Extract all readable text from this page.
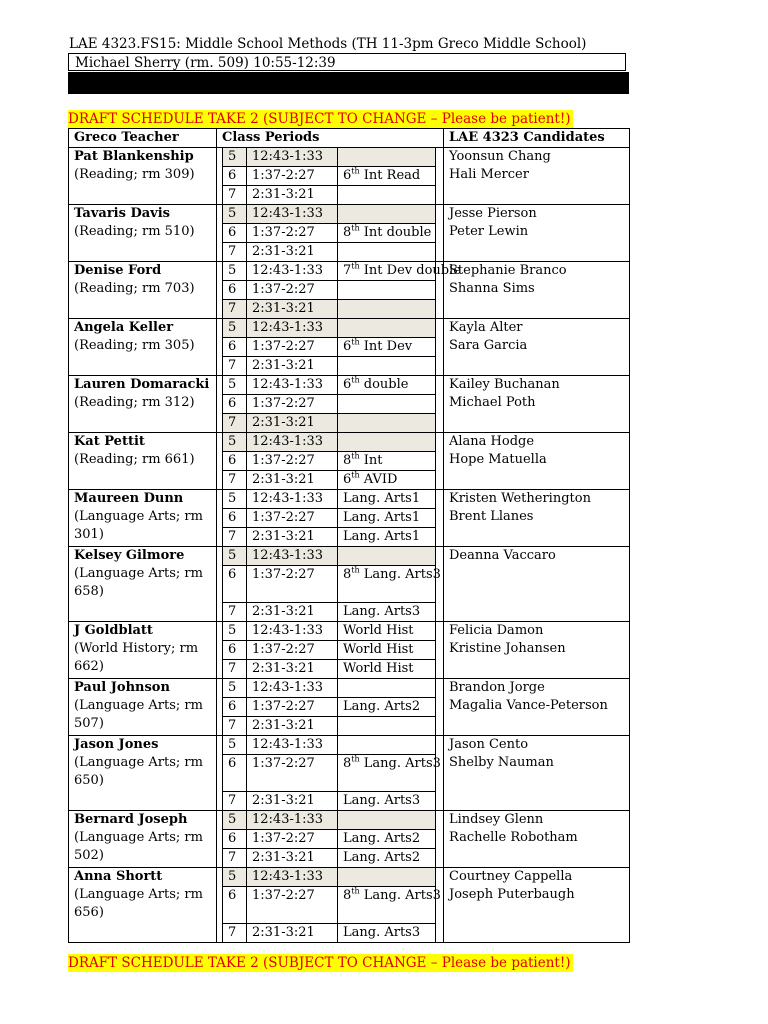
LAE 4323.FS15: Middle School Methods (TH 11-3pm Greco Middle School)
Michael Sherry (rm. 509) 10:55-12:39
DRAFT SCHEDULE TAKE 2 (SUBJECT TO CHANGE – Please be patient!)
Greco Teacher	Class Periods					LAE 4323 Candidates

Pat Blankenship
(Reading; rm 309)		5	12:43-1:33			Yoonsun Chang
Hali Mercer

		6	1:37-2:27	6th Int Read		
		7	2:31-3:21			

Tavaris Davis
(Reading; rm 510)		5	12:43-1:33			Jesse Pierson
Peter Lewin

		6	1:37-2:27	8th Int double		
		7	2:31-3:21			

Denise Ford
(Reading; rm 703)		5	12:43-1:33	7th Int Dev double		Stephanie Branco
Shanna Sims

		6	1:37-2:27			
		7	2:31-3:21			

Angela Keller
(Reading; rm 305)		5	12:43-1:33			Kayla Alter
Sara Garcia

		6	1:37-2:27	6th Int Dev		
		7	2:31-3:21			

Lauren Domaracki
(Reading; rm 312)		5	12:43-1:33	6th double		Kailey Buchanan
Michael Poth

		6	1:37-2:27			
		7	2:31-3:21			

Kat Pettit
(Reading; rm 661)		5	12:43-1:33			Alana Hodge
Hope Matuella

		6	1:37-2:27	8th Int		
		7	2:31-3:21	6th AVID		

Maureen Dunn
(Language Arts; rm 301)		5	12:43-1:33	Lang. Arts1		Kristen Wetherington
Brent Llanes

		6	1:37-2:27	Lang. Arts1		
		7	2:31-3:21	Lang. Arts1		

Kelsey Gilmore
(Language Arts; rm 658)		5	12:43-1:33			Deanna Vaccaro

		6	1:37-2:27	8th Lang. Arts3		
		7	2:31-3:21	Lang. Arts3		

J Goldblatt
(World History; rm 662)		5	12:43-1:33	World Hist		Felicia Damon
Kristine Johansen

		6	1:37-2:27	World Hist		
		7	2:31-3:21	World Hist		

Paul Johnson
(Language Arts; rm 507)		5	12:43-1:33			Brandon Jorge
Magalia Vance-Peterson

		6	1:37-2:27	Lang. Arts2		
		7	2:31-3:21			

Jason Jones
(Language Arts; rm 650)		5	12:43-1:33			Jason Cento
Shelby Nauman

		6	1:37-2:27	8th Lang. Arts3		
		7	2:31-3:21	Lang. Arts3		

Bernard Joseph
(Language Arts; rm 502)		5	12:43-1:33			Lindsey Glenn
Rachelle Robotham

		6	1:37-2:27	Lang. Arts2		
		7	2:31-3:21	Lang. Arts2		

Anna Shortt
(Language Arts; rm 656)		5	12:43-1:33			Courtney Cappella
Joseph Puterbaugh

		6	1:37-2:27	8th Lang. Arts3		
		7	2:31-3:21	Lang. Arts3		
DRAFT SCHEDULE TAKE 2 (SUBJECT TO CHANGE – Please be patient!)
